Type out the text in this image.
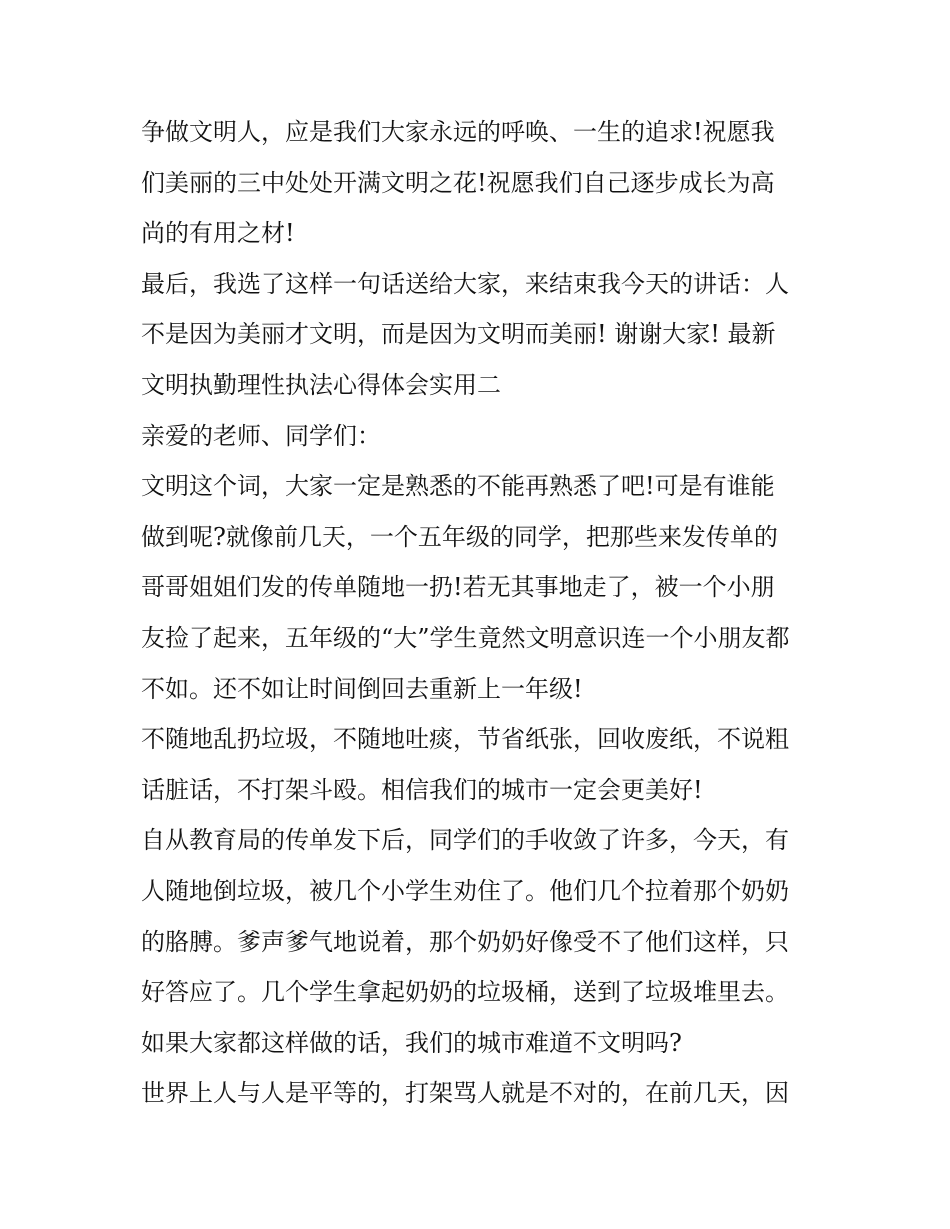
争做文明人，应是我们大家永远的呼唤、一生的追求!祝愿我
们美丽的三中处处开满文明之花!祝愿我们自己逐步成长为高
尚的有用之材!
最后，我选了这样一句话送给大家，来结束我今天的讲话：人
不是因为美丽才文明，而是因为文明而美丽! 谢谢大家! 最新
文明执勤理性执法心得体会实用二
亲爱的老师、同学们：
文明这个词，大家一定是熟悉的不能再熟悉了吧!可是有谁能
做到呢?就像前几天，一个五年级的同学，把那些来发传单的
哥哥姐姐们发的传单随地一扔!若无其事地走了，被一个小朋
友捡了起来，五年级的“大”学生竟然文明意识连一个小朋友都
不如。还不如让时间倒回去重新上一年级!
不随地乱扔垃圾，不随地吐痰，节省纸张，回收废纸，不说粗
话脏话，不打架斗殴。相信我们的城市一定会更美好!
自从教育局的传单发下后，同学们的手收敛了许多，今天，有
人随地倒垃圾，被几个小学生劝住了。他们几个拉着那个奶奶
的胳膊。爹声爹气地说着，那个奶奶好像受不了他们这样，只
好答应了。几个学生拿起奶奶的垃圾桶，送到了垃圾堆里去。
如果大家都这样做的话，我们的城市难道不文明吗?
世界上人与人是平等的，打架骂人就是不对的，在前几天，因
